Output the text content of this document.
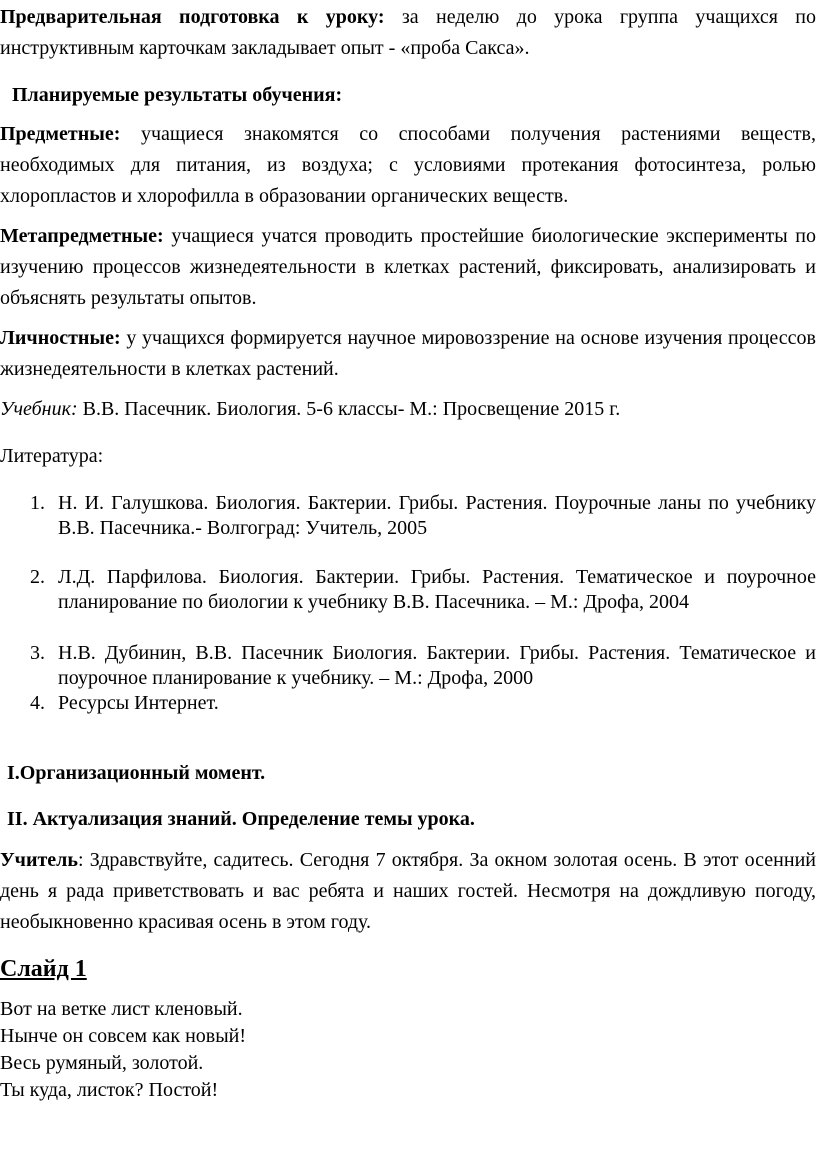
Предварительная подготовка к уроку: за неделю до урока группа учащихся по инструктивным карточкам закладывает опыт - «проба Сакса».
Планируемые результаты обучения:
Предметные: учащиеся знакомятся со способами получения растениями веществ, необходимых для питания, из воздуха; с условиями протекания фотосинтеза, ролью хлоропластов и хлорофилла в образовании органических веществ.
Метапредметные: учащиеся учатся проводить простейшие биологические эксперименты по изучению процессов жизнедеятельности в клетках растений, фиксировать, анализировать и объяснять результаты опытов.
Личностные: у учащихся формируется научное мировоззрение на основе изучения процессов жизнедеятельности в клетках растений.
Учебник: В.В. Пасечник. Биология. 5-6 классы- М.: Просвещение 2015 г.
Литература:
1. Н. И. Галушкова. Биология. Бактерии. Грибы. Растения. Поурочные ланы по учебнику В.В. Пасечника.- Волгоград: Учитель, 2005
2. Л.Д. Парфилова. Биология. Бактерии. Грибы. Растения. Тематическое и поурочное планирование по биологии к учебнику В.В. Пасечника. – М.: Дрофа, 2004
3. Н.В. Дубинин, В.В. Пасечник Биология. Бактерии. Грибы. Растения. Тематическое и поурочное планирование к учебнику. – М.: Дрофа, 2000
4. Ресурсы Интернет.
I.Организационный момент.
II. Актуализация знаний. Определение темы урока.
Учитель: Здравствуйте, садитесь. Сегодня 7 октября. За окном золотая осень. В этот осенний день я рада приветствовать и вас ребята и наших гостей. Несмотря на дождливую погоду, необыкновенно красивая осень в этом году.
Слайд 1
Вот на ветке лист кленовый.
Нынче он совсем как новый!
Весь румяный, золотой.
Ты куда, листок? Постой!
